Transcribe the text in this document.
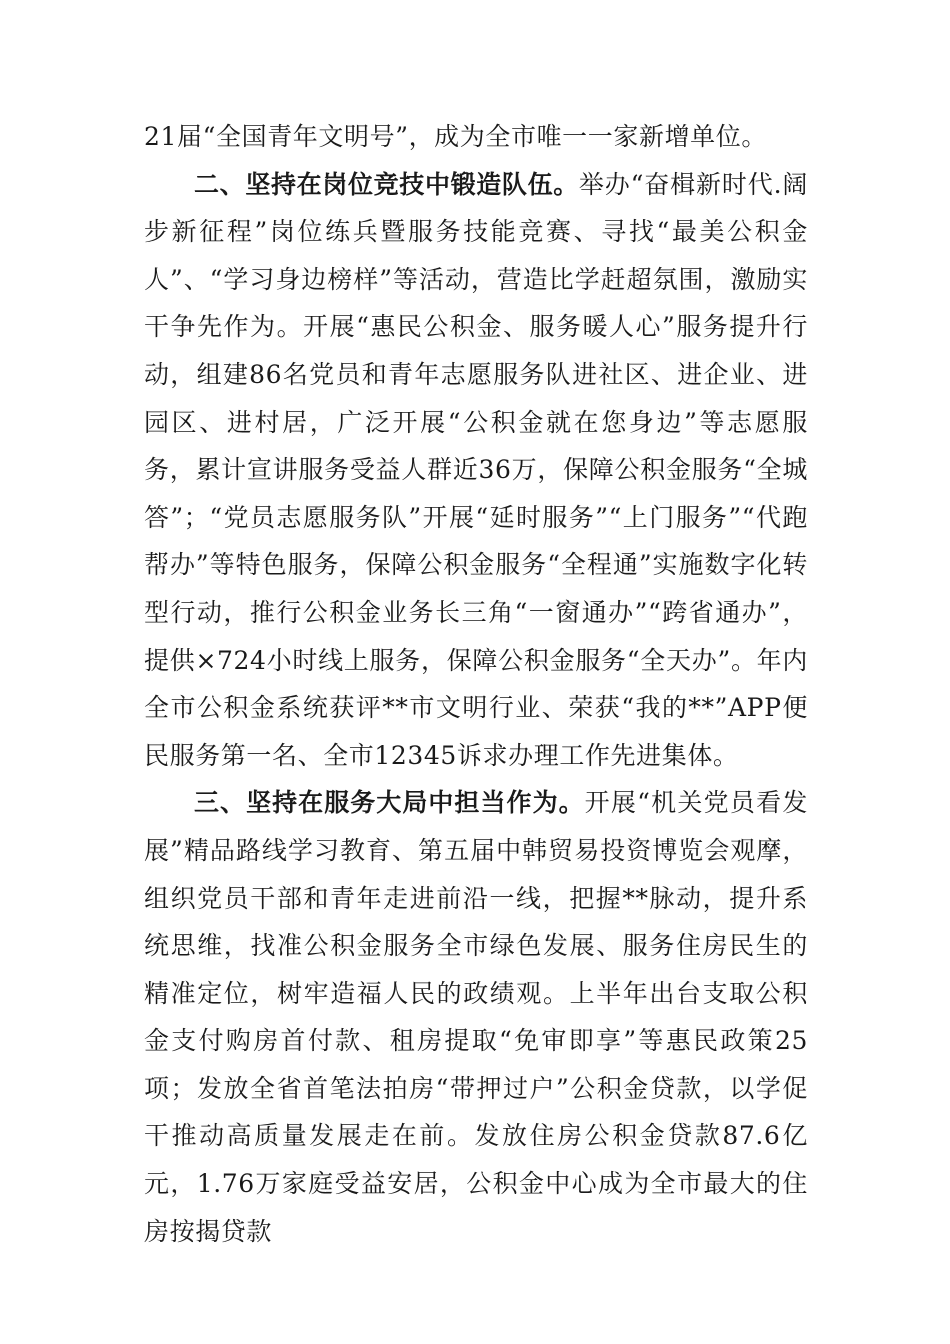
21届“全国青年文明号”，成为全市唯一一家新增单位。

二、坚持在岗位竞技中锻造队伍。举办“奋楫新时代.阔步新征程”岗位练兵暨服务技能竞赛、寻找“最美公积金人”、“学习身边榜样”等活动，营造比学赶超氛围，激励实干争先作为。开展“惠民公积金、服务暖人心”服务提升行动，组建86名党员和青年志愿服务队进社区、进企业、进园区、进村居，广泛开展“公积金就在您身边”等志愿服务，累计宣讲服务受益人群近36万，保障公积金服务“全城答”；“党员志愿服务队”开展“延时服务”“上门服务”“代跑帮办”等特色服务，保障公积金服务“全程通”实施数字化转型行动，推行公积金业务长三角“一窗通办”“跨省通办”，提供×724小时线上服务，保障公积金服务“全天办”。年内全市公积金系统获评**市文明行业、荣获“我的**”APP便民服务第一名、全市12345诉求办理工作先进集体。

三、坚持在服务大局中担当作为。开展“机关党员看发展”精品路线学习教育、第五届中韩贸易投资博览会观摩，组织党员干部和青年走进前沿一线，把握**脉动，提升系统思维，找准公积金服务全市绿色发展、服务住房民生的精准定位，树牢造福人民的政绩观。上半年出台支取公积金支付购房首付款、租房提取“免审即享”等惠民政策25项；发放全省首笔法拍房“带押过户”公积金贷款，以学促干推动高质量发展走在前。发放住房公积金贷款87.6亿元，1.76万家庭受益安居，公积金中心成为全市最大的住房按揭贷款
